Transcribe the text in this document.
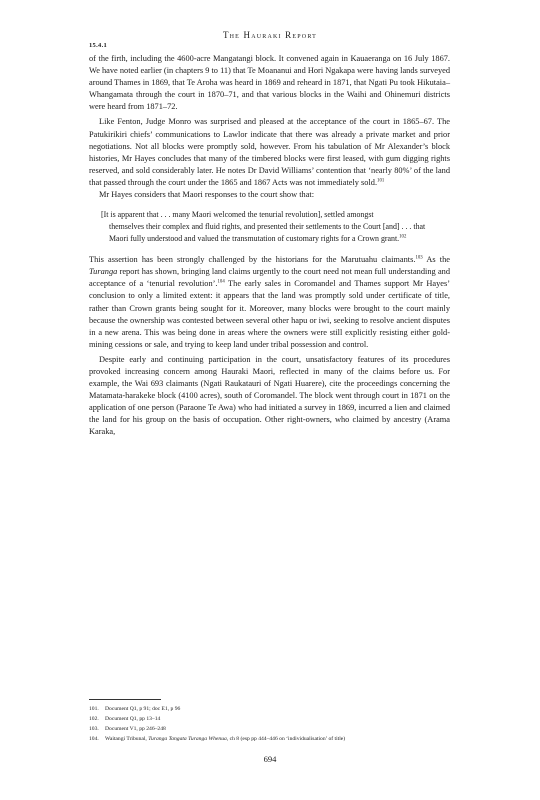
15.4.1
The Hauraki Report

of the firth, including the 4600-acre Mangatangi block. It convened again in Kauaeranga on 16 July 1867. We have noted earlier (in chapters 9 to 11) that Te Moananui and Hori Ngakapa were having lands surveyed around Thames in 1869, that Te Aroha was heard in 1869 and reheard in 1871, that Ngati Pu took Hikutaia–Whangamata through the court in 1870–71, and that various blocks in the Waihi and Ohinemuri districts were heard from 1871–72.

Like Fenton, Judge Monro was surprised and pleased at the acceptance of the court in 1865–67. The Patukirikiri chiefs’ communications to Lawlor indicate that there was already a private market and prior negotiations. Not all blocks were promptly sold, however. From his tabulation of Mr Alexander’s block histories, Mr Hayes concludes that many of the timbered blocks were first leased, with gum digging rights reserved, and sold considerably later. He notes Dr David Williams’ contention that ‘nearly 80%’ of the land that passed through the court under the 1865 and 1867 Acts was not immediately sold.$^{101}$

Mr Hayes considers that Maori responses to the court show that:

[It is apparent that . . . many Maori welcomed the tenurial revolution], settled amongst

themselves their complex and fluid rights, and presented their settlements to the Court [and] . . . that Maori fully understood and valued the transmutation of customary rights for a Crown grant.$^{102}$

This assertion has been strongly challenged by the historians for the Marutuahu claimants.$^{103}$ As the Turanga report has shown, bringing land claims urgently to the court need not mean full understanding and acceptance of a ‘tenurial revolution’.$^{104}$ The early sales in Coromandel and Thames support Mr Hayes’ conclusion to only a limited extent: it appears that the land was promptly sold under certificate of title, rather than Crown grants being sought for it. Moreover, many blocks were brought to the court mainly because the ownership was contested between several other hapu or iwi, seeking to resolve ancient disputes in a new arena. This was being done in areas where the owners were still explicitly resisting either gold-mining cessions or sale, and trying to keep land under tribal possession and control.

Despite early and continuing participation in the court, unsatisfactory features of its procedures provoked increasing concern among Hauraki Maori, reflected in many of the claims before us. For example, the Wai 693 claimants (Ngati Raukatauri of Ngati Huarere), cite the proceedings concerning the Matamata-harakeke block (4100 acres), south of Coromandel. The block went through court in 1871 on the application of one person (Paraone Te Awa) who had initiated a survey in 1869, incurred a lien and claimed the land for his group on the basis of occupation. Other right-owners, who claimed by ancestry (Arama Karaka,

101. Document Q1, p 91; doc E1, p 96
102. Document Q1, pp 13–14
103. Document V1, pp 246–248
104. Waitangi Tribunal, Turanga Tangata Turanga Whenua, ch 8 (esp pp 444–446 on ‘individualisation’ of title)
694
